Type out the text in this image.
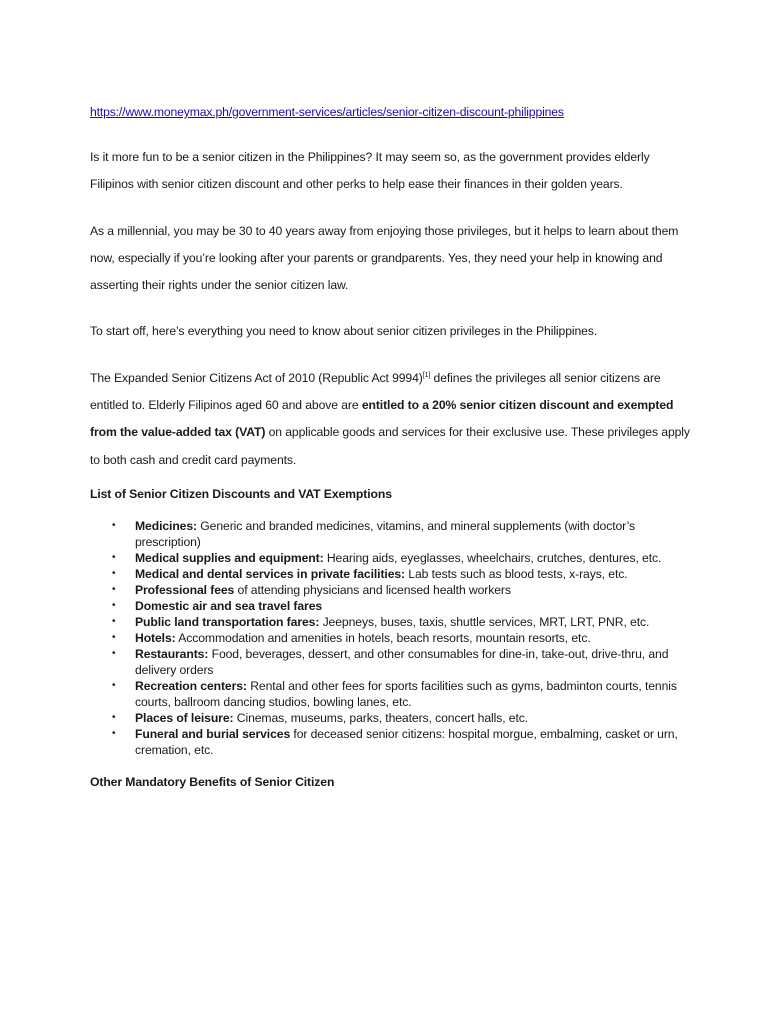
https://www.moneymax.ph/government-services/articles/senior-citizen-discount-philippines

Is it more fun to be a senior citizen in the Philippines? It may seem so, as the government provides elderly Filipinos with senior citizen discount and other perks to help ease their finances in their golden years.

As a millennial, you may be 30 to 40 years away from enjoying those privileges, but it helps to learn about them now, especially if you’re looking after your parents or grandparents. Yes, they need your help in knowing and asserting their rights under the senior citizen law.

To start off, here’s everything you need to know about senior citizen privileges in the Philippines.

The Expanded Senior Citizens Act of 2010 (Republic Act 9994)[1] defines the privileges all senior citizens are entitled to. Elderly Filipinos aged 60 and above are entitled to a 20% senior citizen discount and exempted from the value-added tax (VAT) on applicable goods and services for their exclusive use. These privileges apply to both cash and credit card payments.

List of Senior Citizen Discounts and VAT Exemptions

• Medicines: Generic and branded medicines, vitamins, and mineral supplements (with doctor’s prescription)
• Medical supplies and equipment: Hearing aids, eyeglasses, wheelchairs, crutches, dentures, etc.
• Medical and dental services in private facilities: Lab tests such as blood tests, x-rays, etc.
• Professional fees of attending physicians and licensed health workers
• Domestic air and sea travel fares
• Public land transportation fares: Jeepneys, buses, taxis, shuttle services, MRT, LRT, PNR, etc.
• Hotels: Accommodation and amenities in hotels, beach resorts, mountain resorts, etc.
• Restaurants: Food, beverages, dessert, and other consumables for dine-in, take-out, drive-thru, and delivery orders
• Recreation centers: Rental and other fees for sports facilities such as gyms, badminton courts, tennis courts, ballroom dancing studios, bowling lanes, etc.
• Places of leisure: Cinemas, museums, parks, theaters, concert halls, etc.
• Funeral and burial services for deceased senior citizens: hospital morgue, embalming, casket or urn, cremation, etc.

Other Mandatory Benefits of Senior Citizen
